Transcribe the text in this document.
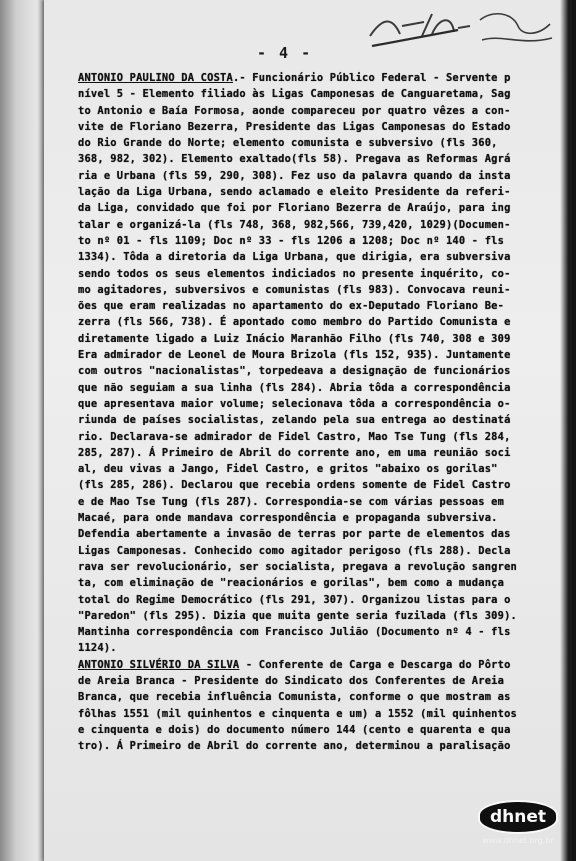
- 4 -
ANTONIO PAULINO DA COSTA.- Funcionário Público Federal - Servente p
nível 5 - Elemento filiado às Ligas Camponesas de Canguaretama, Sag
to Antonio e Baía Formosa, aonde compareceu por quatro vêzes a con-
vite de Floriano Bezerra, Presidente das Ligas Camponesas do Estado
do Rio Grande do Norte; elemento comunista e subversivo (fls 360,
368, 982, 302). Elemento exaltado(fls 58). Pregava as Reformas Agrá
ria e Urbana (fls 59, 290, 308). Fez uso da palavra quando da insta
lação da Liga Urbana, sendo aclamado e eleito Presidente da referi-
da Liga, convidado que foi por Floriano Bezerra de Araújo, para ing
talar e organizá-la (fls 748, 368, 982,566, 739,420, 1029)(Documen-
to nº 01 - fls 1109; Doc nº 33 - fls 1206 a 1208; Doc nº 140 - fls
1334). Tôda a diretoria da Liga Urbana, que dirigia, era subversiva
sendo todos os seus elementos indiciados no presente inquérito, co-
mo agitadores, subversivos e comunistas (fls 983). Convocava reuni-
ões que eram realizadas no apartamento do ex-Deputado Floriano Be-
zerra (fls 566, 738). É apontado como membro do Partido Comunista e
diretamente ligado a Luiz Inácio Maranhão Filho (fls 740, 308 e 309
Era admirador de Leonel de Moura Brizola (fls 152, 935). Juntamente
com outros "nacionalistas", torpedeava a designação de funcionários
que não seguiam a sua linha (fls 284). Abria tôda a correspondência
que apresentava maior volume; selecionava tôda a correspondência o-
riunda de países socialistas, zelando pela sua entrega ao destinatá
rio. Declarava-se admirador de Fidel Castro, Mao Tse Tung (fls 284,
285, 287). Á Primeiro de Abril do corrente ano, em uma reunião soci
al, deu vivas a Jango, Fidel Castro, e gritos "abaixo os gorilas"
(fls 285, 286). Declarou que recebia ordens somente de Fidel Castro
e de Mao Tse Tung (fls 287). Correspondia-se com várias pessoas em
Macaé, para onde mandava correspondência e propaganda subversiva.
Defendia abertamente a invasão de terras por parte de elementos das
Ligas Camponesas. Conhecido como agitador perigoso (fls 288). Decla
rava ser revolucionário, ser socialista, pregava a revolução sangren
ta, com eliminação de "reacionários e gorilas", bem como a mudança
total do Regime Democrático (fls 291, 307). Organizou listas para o
"Paredon" (fls 295). Dizia que muita gente seria fuzilada (fls 309).
Mantinha correspondência com Francisco Julião (Documento nº 4 - fls
1124).
ANTONIO SILVÉRIO DA SILVA - Conferente de Carga e Descarga do Pôrto
de Areia Branca - Presidente do Sindicato dos Conferentes de Areia
Branca, que recebia influência Comunista, conforme o que mostram as
fôlhas 1551 (mil quinhentos e cinquenta e um) a 1552 (mil quinhentos
e cinquenta e dois) do documento número 144 (cento e quarenta e qua
tro). Á Primeiro de Abril do corrente ano, determinou a paralisação
dhnet
www.dhnet.org.br
